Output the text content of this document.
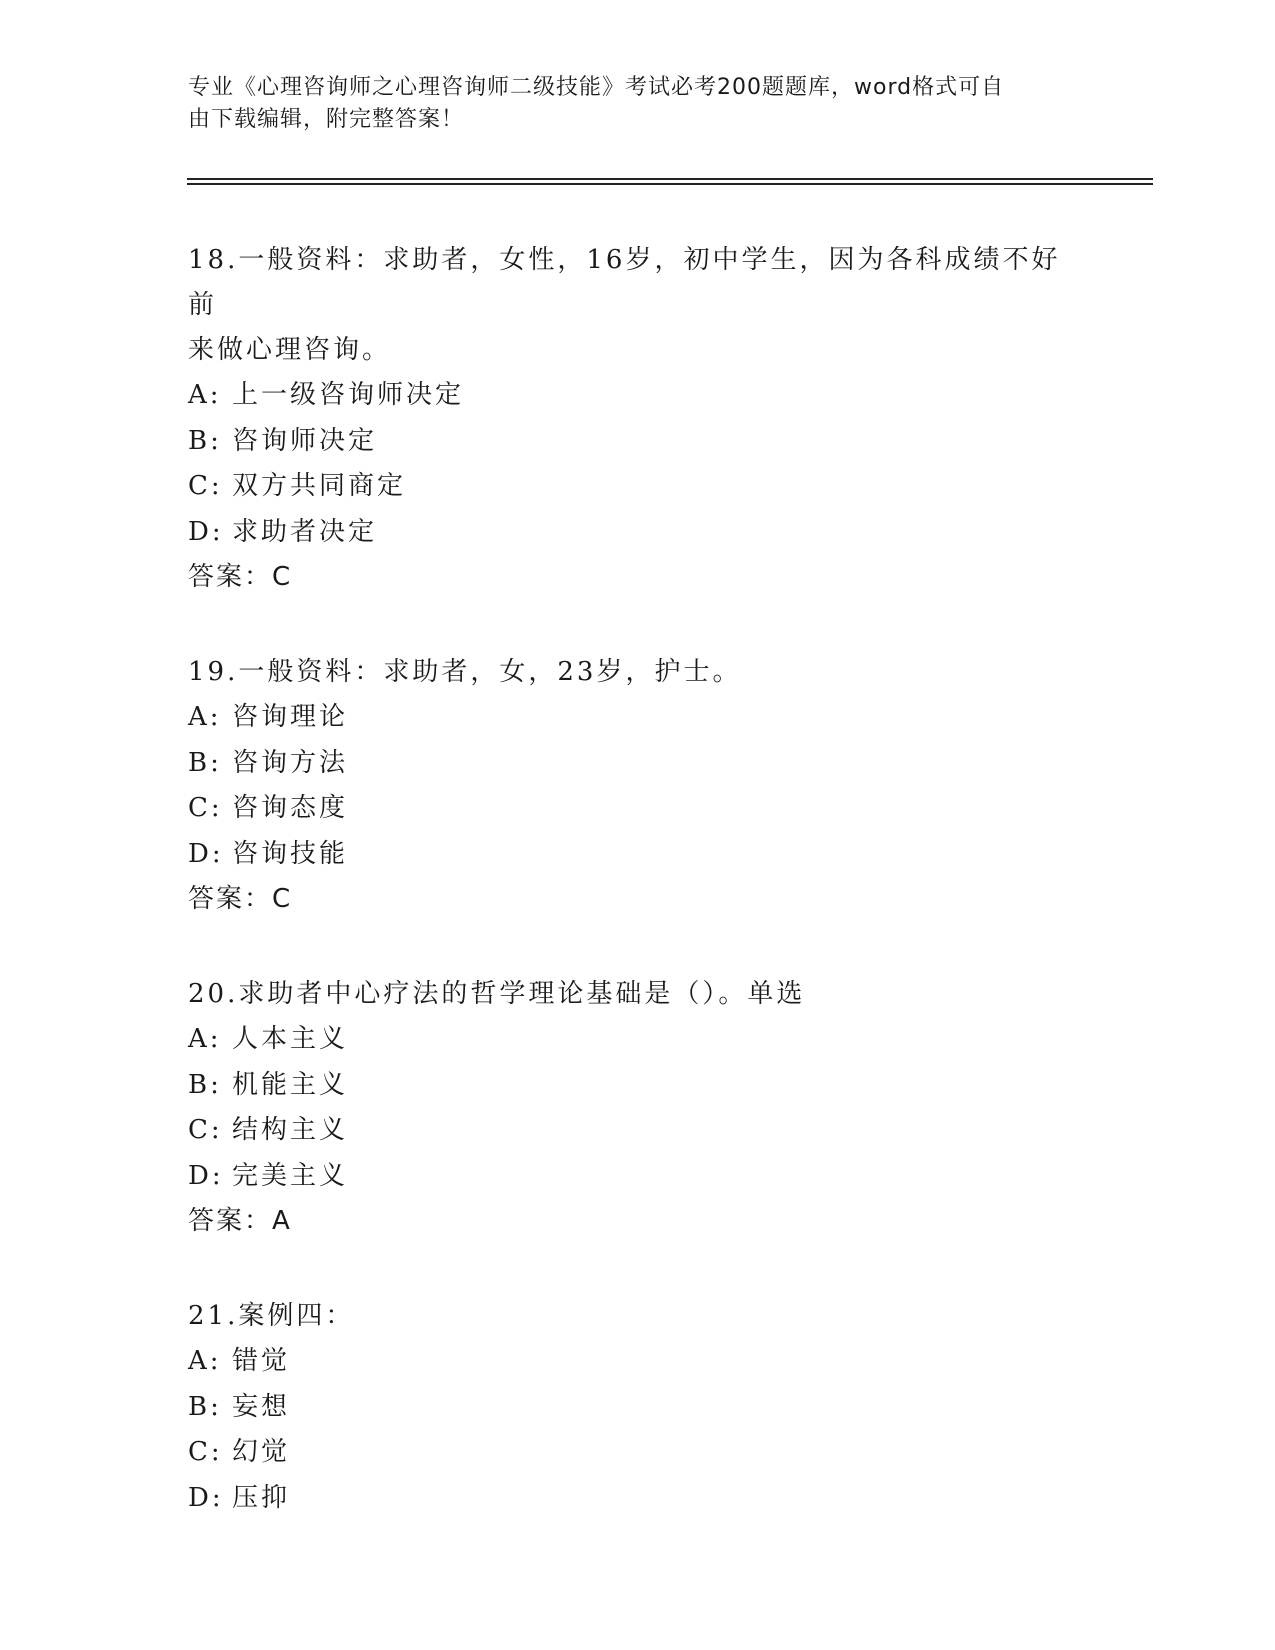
专业《心理咨询师之心理咨询师二级技能》考试必考200题题库，word格式可自
由下载编辑，附完整答案！

18.一般资料：求助者，女性，16岁，初中学生，因为各科成绩不好前

来做心理咨询。

A: 上一级咨询师决定

B: 咨询师决定

C: 双方共同商定

D: 求助者决定

答案：C

19.一般资料：求助者，女，23岁，护士。

A: 咨询理论

B: 咨询方法

C: 咨询态度

D: 咨询技能

答案：C

20.求助者中心疗法的哲学理论基础是（）。单选

A: 人本主义

B: 机能主义

C: 结构主义

D: 完美主义

答案：A

21.案例四：

A: 错觉

B: 妄想

C: 幻觉

D: 压抑
